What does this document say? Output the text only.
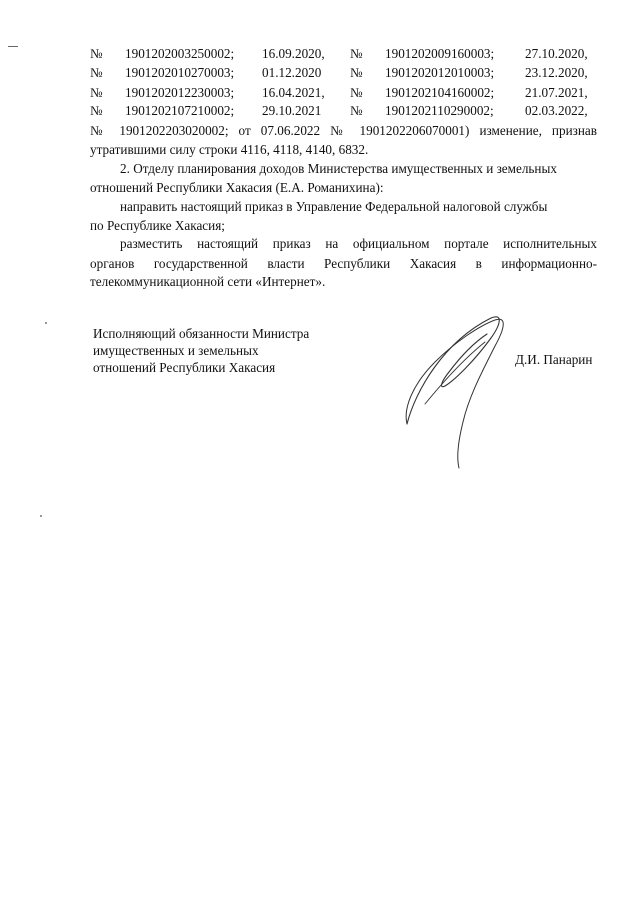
№ 1901202003250002; 16.09.2020, № 1901202009160003; 27.10.2020,
№ 1901202010270003; 01.12.2020 № 1901202012010003; 23.12.2020,
№ 1901202012230003; 16.04.2021, № 1901202104160002; 21.07.2021,
№ 1901202107210002; 29.10.2021 № 1901202110290002; 02.03.2022,
№ 1901202203020002; от 07.06.2022 № 1901202206070001) изменение, признав
утратившими силу строки 4116, 4118, 4140, 6832.
2. Отделу планирования доходов Министерства имущественных и земельных
отношений Республики Хакасия (Е.А. Романихина):
направить настоящий приказ в Управление Федеральной налоговой службы
по Республике Хакасия;
разместить настоящий приказ на официальном портале исполнительных
органов государственной власти Республики Хакасия в информационно-
телекоммуникационной сети «Интернет».
Исполняющий обязанности Министра
имущественных и земельных
отношений Республики Хакасия
Д.И. Панарин
